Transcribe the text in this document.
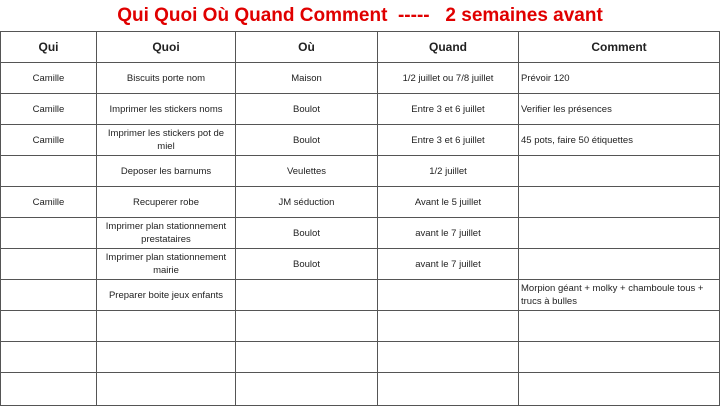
Qui Quoi Où Quand Comment  -----   2 semaines avant
Qui	Quoi	Où	Quand	Comment
Camille	Biscuits porte nom	Maison	1/2 juillet ou 7/8 juillet	Prévoir 120
Camille	Imprimer les stickers noms	Boulot	Entre 3 et 6 juillet	Verifier les présences
Camille	Imprimer les stickers pot de miel	Boulot	Entre 3 et 6 juillet	45 pots, faire 50 étiquettes
	Deposer les barnums	Veulettes	1/2 juillet	
Camille	Recuperer robe	JM séduction	Avant le 5 juillet	
	Imprimer plan stationnement prestataires	Boulot	avant le 7 juillet	
	Imprimer plan stationnement mairie	Boulot	avant le 7 juillet	
	Preparer boite jeux enfants			Morpion géant + molky + chamboule tous + trucs à bulles
